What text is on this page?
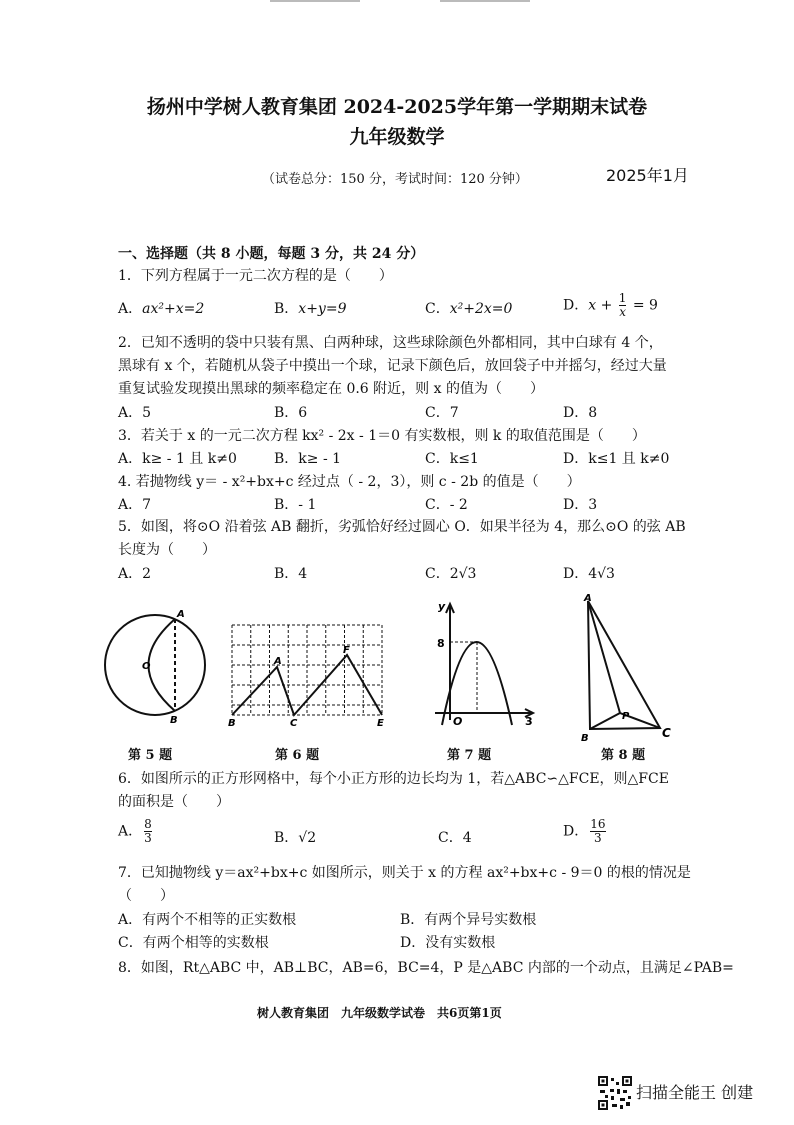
扬州中学树人教育集团 2024-2025学年第一学期期末试卷
九年级数学
（试卷总分：150 分，考试时间：120 分钟）	2025年1月
一、选择题（共 8 小题，每题 3 分，共 24 分）
1．下列方程属于一元二次方程的是（　　）
A．ax²+x=2	B．x+y=9	C．x²+2x=0	D．$x + \frac{1}{x} = 9$
2．已知不透明的袋中只装有黑、白两种球，这些球除颜色外都相同，其中白球有 4 个，
黑球有 x 个，若随机从袋子中摸出一个球，记录下颜色后，放回袋子中并摇匀，经过大量
重复试验发现摸出黑球的频率稳定在 0.6 附近，则 x 的值为（　　）
A．5	B．6	C．7	D．8
3．若关于 x 的一元二次方程 kx² - 2x - 1＝0 有实数根，则 k 的取值范围是（　　）
A．k≥ - 1 且 k≠0	B．k≥ - 1	C．k≤1	D．k≤1 且 k≠0
4. 若抛物线 y＝ - x²+bx+c 经过点（ - 2，3），则 c - 2b 的值是（　　）
A．7	B．- 1	C．- 2	D．3
5．如图，将⊙O 沿着弦 AB 翻折，劣弧恰好经过圆心 O．如果半径为 4，那么⊙O 的弦 AB
长度为（　　）
A．2	B．4	C．2√3	D．4√3
A
O
B
第 5 题
A
F
B	C	E
第 6 题
y
8
O	3
第 7 题
A
P
B	C
第 8 题
6．如图所示的正方形网格中，每个小正方形的边长均为 1，若△ABC∽△FCE，则△FCE
的面积是（　　）
A． $\frac{8}{3}$	B．√2	C．4	D． $\frac{16}{3}$
7．已知抛物线 y＝ax²+bx+c 如图所示，则关于 x 的方程 ax²+bx+c - 9＝0 的根的情况是
（　　）
A．有两个不相等的正实数根	B．有两个异号实数根
C．有两个相等的实数根	D．没有实数根
8．如图，Rt△ABC 中，AB⊥BC，AB=6，BC=4，P 是△ABC 内部的一个动点，且满足∠PAB=
树人教育集团　九年级数学试卷　共6页第1页
扫描全能王 创建
